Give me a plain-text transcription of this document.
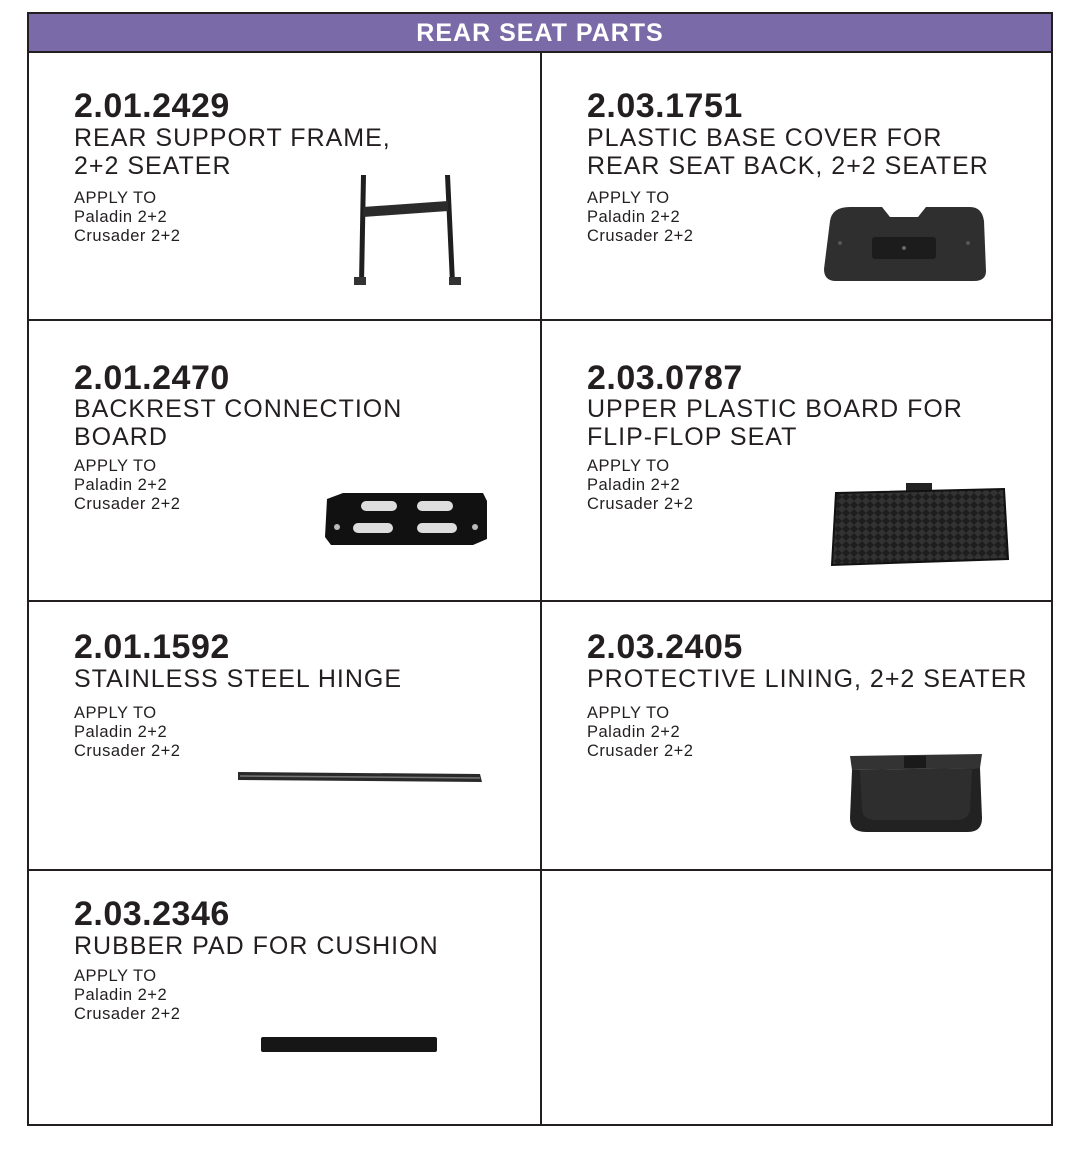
REAR SEAT PARTS
2.01.2429
REAR SUPPORT FRAME,
2+2 SEATER
APPLY TO
Paladin 2+2
Crusader 2+2
2.03.1751
PLASTIC BASE COVER FOR
REAR SEAT BACK, 2+2 SEATER
APPLY TO
Paladin 2+2
Crusader 2+2
2.01.2470
BACKREST CONNECTION
BOARD
APPLY TO
Paladin 2+2
Crusader 2+2
2.03.0787
UPPER PLASTIC BOARD FOR
FLIP-FLOP SEAT
APPLY TO
Paladin 2+2
Crusader 2+2
2.01.1592
STAINLESS STEEL HINGE
APPLY TO
Paladin 2+2
Crusader 2+2
2.03.2405
PROTECTIVE LINING, 2+2 SEATER
APPLY TO
Paladin 2+2
Crusader 2+2
2.03.2346
RUBBER PAD FOR CUSHION
APPLY TO
Paladin 2+2
Crusader 2+2
